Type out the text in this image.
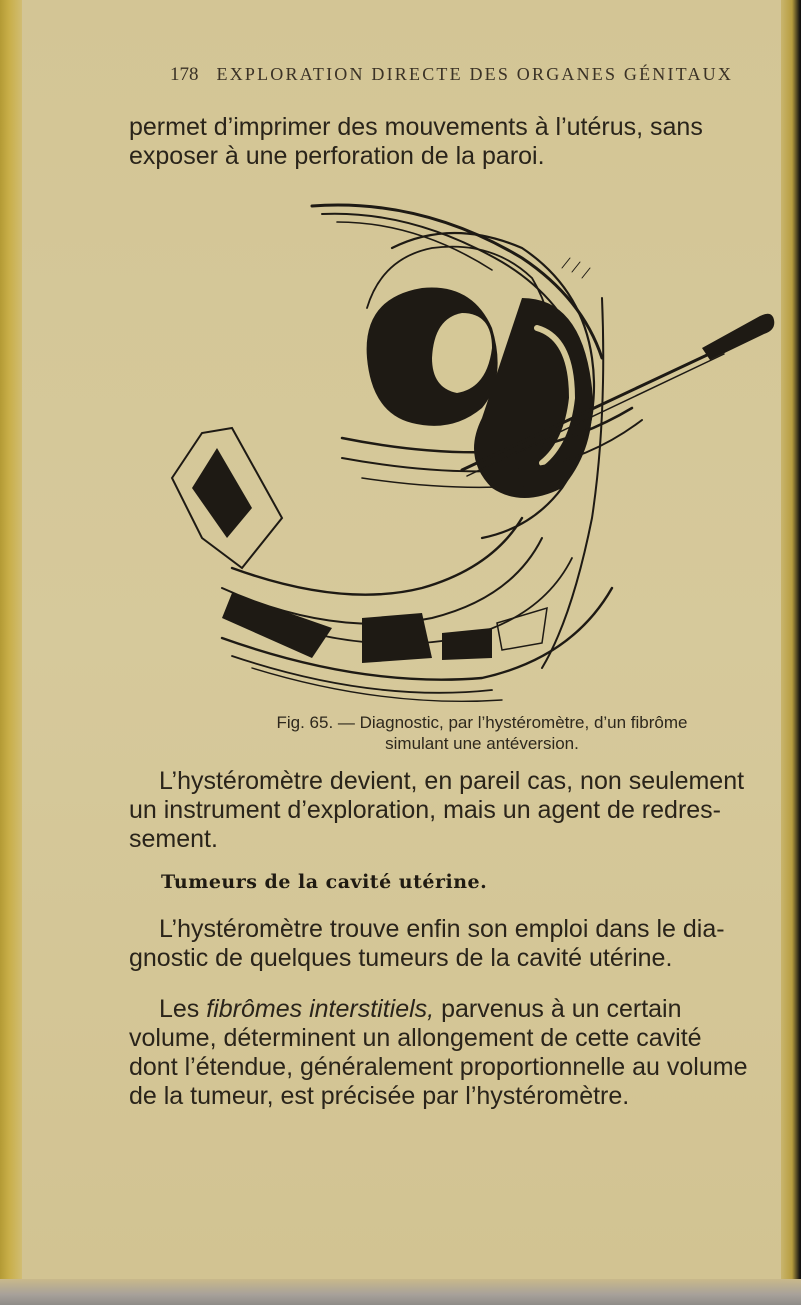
178 EXPLORATION DIRECTE DES ORGANES GÉNITAUX
permet d’imprimer des mouvements à l’utérus, sans
exposer à une perforation de la paroi.
Fig. 65. — Diagnostic, par l’hystéromètre, d’un fibrôme
simulant une antéversion.
L’hystéromètre devient, en pareil cas, non seulement
un instrument d’exploration, mais un agent de redres-
sement.
Tumeurs de la cavité utérine.
L’hystéromètre trouve enfin son emploi dans le dia-
gnostic de quelques tumeurs de la cavité utérine.
Les fibrômes interstitiels, parvenus à un certain
volume, déterminent un allongement de cette cavité
dont l’étendue, généralement proportionnelle au volume
de la tumeur, est précisée par l’hystéromètre.
